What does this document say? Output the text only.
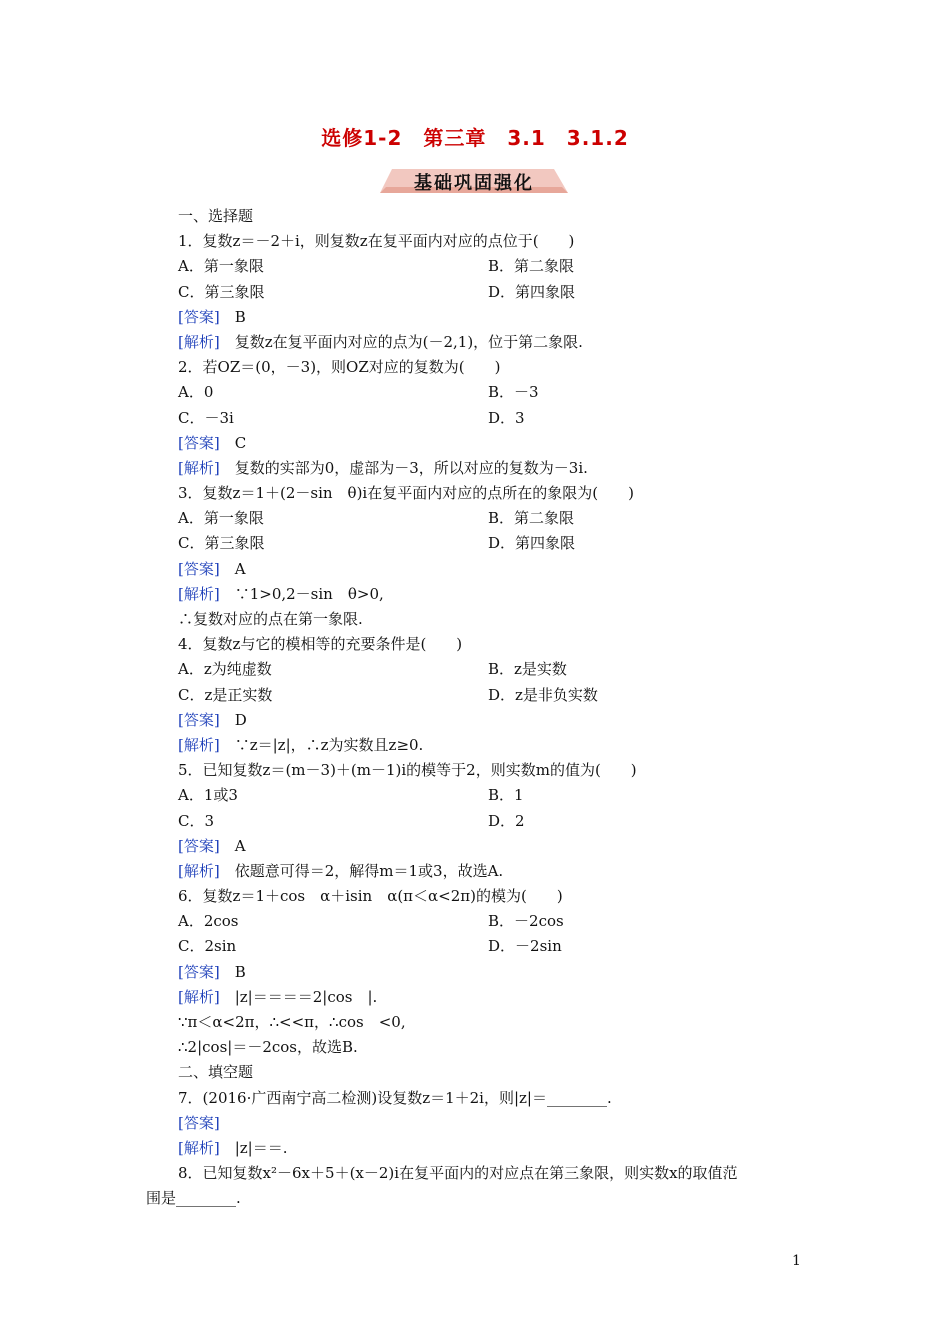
选修1-2　第三章　3.1　3.1.2
基础巩固强化
一、选择题
1．复数z＝－2＋i，则复数z在复平面内对应的点位于(　　)
A．第一象限	B．第二象限
C．第三象限	D．第四象限
[答案]　B
[解析]　复数z在复平面内对应的点为(－2,1)，位于第二象限.
2．若OZ＝(0，－3)，则OZ对应的复数为(　　)
A．0	B．－3
C．－3i	D．3
[答案]　C
[解析]　复数的实部为0，虚部为－3，所以对应的复数为－3i.
3．复数z＝1＋(2－sin　θ)i在复平面内对应的点所在的象限为(　　)
A．第一象限	B．第二象限
C．第三象限	D．第四象限
[答案]　A
[解析]　∵1>0,2－sin　θ>0,
∴复数对应的点在第一象限.
4．复数z与它的模相等的充要条件是(　　)
A．z为纯虚数	B．z是实数
C．z是正实数	D．z是非负实数
[答案]　D
[解析]　∵z＝|z|，∴z为实数且z≥0.
5．已知复数z＝(m－3)＋(m－1)i的模等于2，则实数m的值为(　　)
A．1或3	B．1
C．3	D．2
[答案]　A
[解析]　依题意可得＝2，解得m＝1或3，故选A.
6．复数z＝1＋cos　α＋isin　α(π＜α<2π)的模为(　　)
A．2cos	B．－2cos
C．2sin	D．－2sin
[答案]　B
[解析]　|z|＝＝＝＝2|cos　|.
∵π＜α<2π，∴<<π，∴cos　<0,
∴2|cos|＝－2cos，故选B.
二、填空题
7．(2016·广西南宁高二检测)设复数z＝1＋2i，则|z|＝________.
[答案]
[解析]　|z|＝＝.
8．已知复数x²－6x＋5＋(x－2)i在复平面内的对应点在第三象限，则实数x的取值范
围是________.
1
